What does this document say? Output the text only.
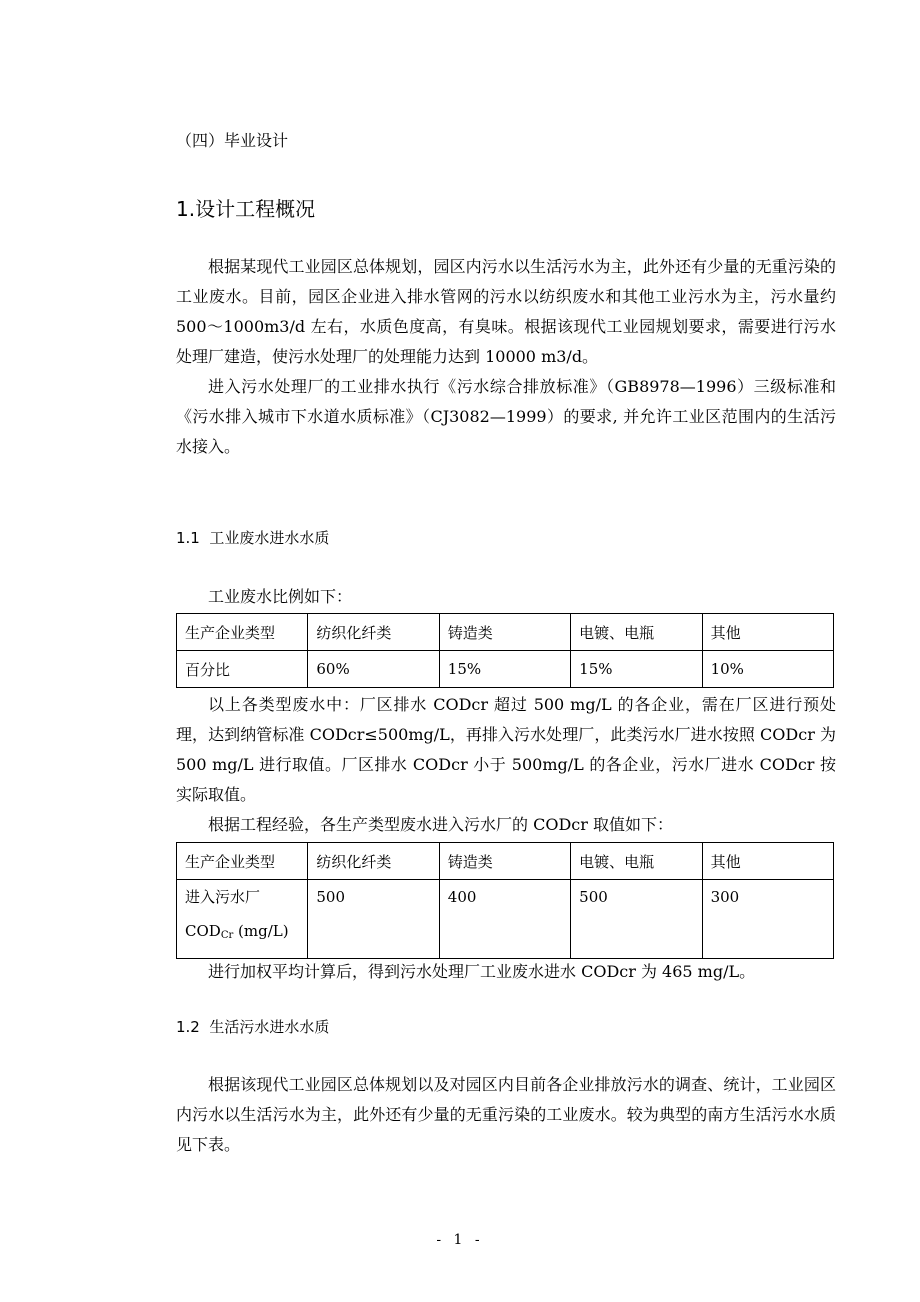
（四）毕业设计
1.设计工程概况

根据某现代工业园区总体规划，园区内污水以生活污水为主，此外还有少量的无重污染的工业废水。目前，园区企业进入排水管网的污水以纺织废水和其他工业污水为主，污水量约 500～1000m3/d 左右，水质色度高，有臭味。根据该现代工业园规划要求，需要进行污水处理厂建造，使污水处理厂的处理能力达到 10000 m3/d。

进入污水处理厂的工业排水执行《污水综合排放标准》（GB8978—1996）三级标准和《污水排入城市下水道水质标准》（CJ3082—1999）的要求, 并允许工业区范围内的生活污水接入。

1.1 工业废水进水水质

工业废水比例如下：

生产企业类型	纺织化纤类	铸造类	电镀、电瓶	其他
百分比	60%	15%	15%	10%

以上各类型废水中：厂区排水 CODcr 超过 500 mg/L 的各企业，需在厂区进行预处理，达到纳管标准 CODcr≤500mg/L，再排入污水处理厂，此类污水厂进水按照 CODcr 为 500 mg/L 进行取值。厂区排水 CODcr 小于 500mg/L 的各企业，污水厂进水 CODcr 按实际取值。

根据工程经验，各生产类型废水进入污水厂的 CODcr 取值如下：

生产企业类型	纺织化纤类	铸造类	电镀、电瓶	其他

进入污水厂
$COD_{Cr}$ (mg/L)	500	400	500	300

进行加权平均计算后，得到污水处理厂工业废水进水 CODcr 为 465 mg/L。

1.2 生活污水进水水质

根据该现代工业园区总体规划以及对园区内目前各企业排放污水的调查、统计，工业园区内污水以生活污水为主，此外还有少量的无重污染的工业废水。较为典型的南方生活污水水质见下表。

- 1 -
